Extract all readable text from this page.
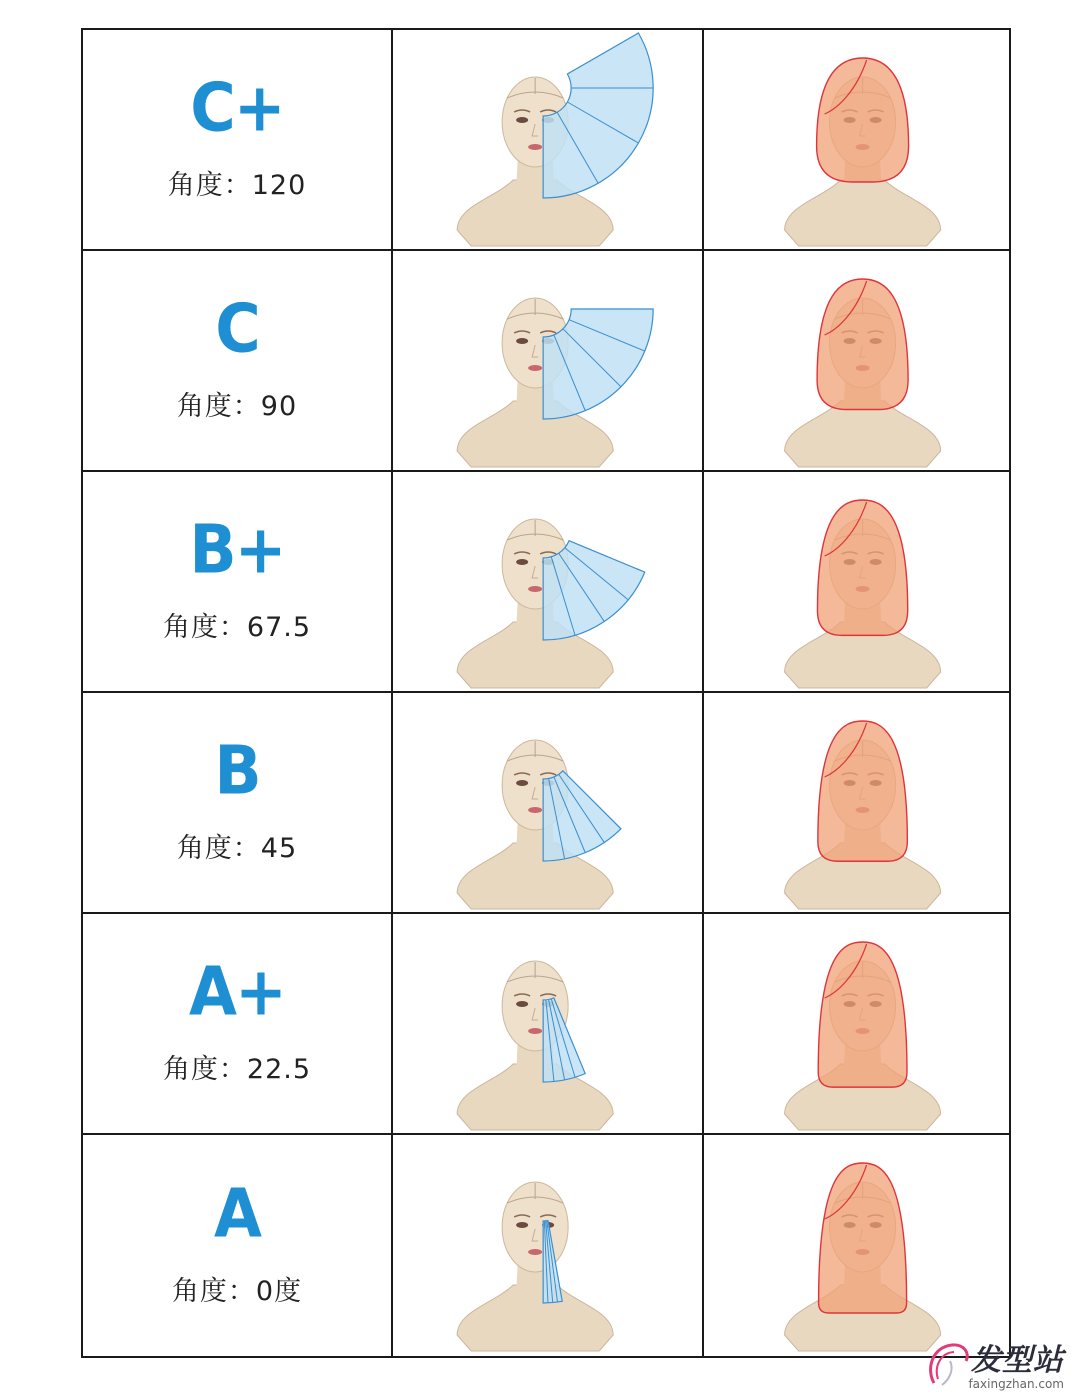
C+
角度：120
C
角度：90
B+
角度：67.5
B
角度：45
A+
角度：22.5
A
角度：0度
发型站
faxingzhan.com
